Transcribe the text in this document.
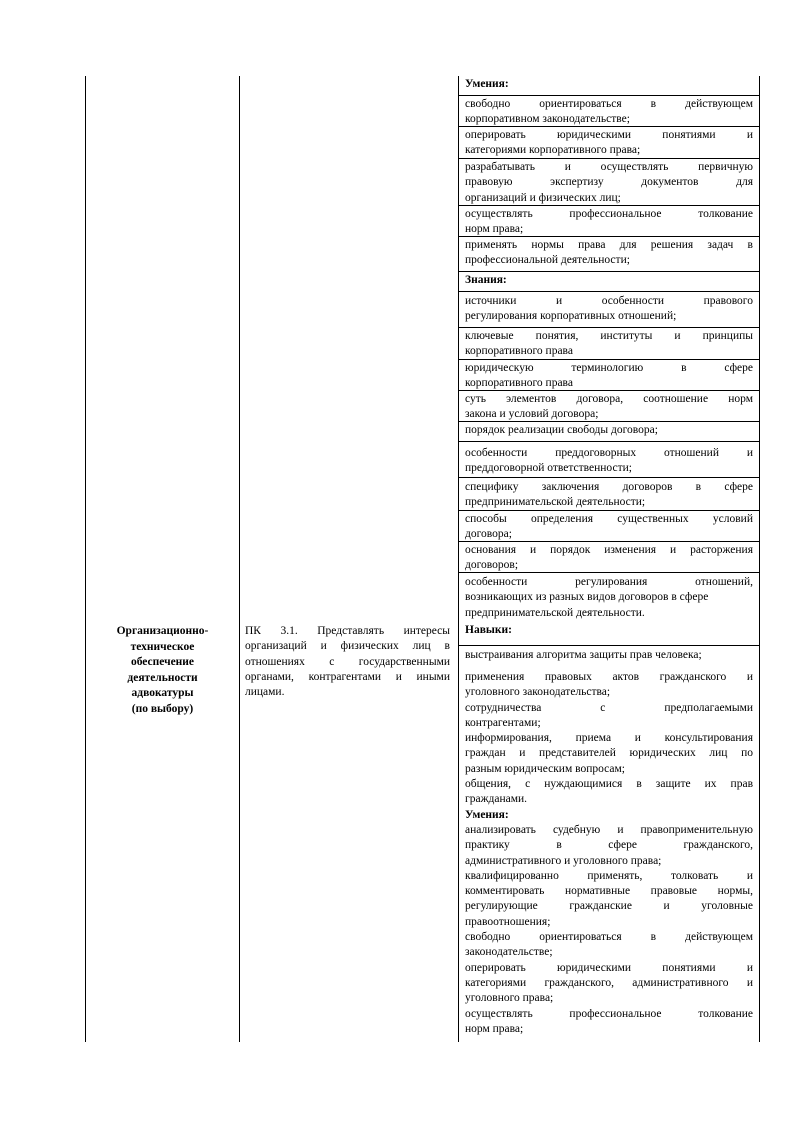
Организационно-
техническое
обеспечение
деятельности
адвокатуры
(по выбору)
ПК 3.1. Представлять интересы
организаций и физических лиц в
отношениях с государственными
органами, контрагентами и иными
лицами.
Умения:
свободно ориентироваться в действующем
корпоративном законодательстве;
оперировать юридическими понятиями и
категориями корпоративного права;
разрабатывать и осуществлять первичную
правовую экспертизу документов для
организаций и физических лиц;
осуществлять профессиональное толкование
норм права;
применять нормы права для решения задач в
профессиональной деятельности;
Знания:
источники и особенности правового
регулирования корпоративных отношений;
ключевые понятия, институты и принципы
корпоративного права
юридическую терминологию в сфере
корпоративного права
суть элементов договора, соотношение норм
закона и условий договора;
порядок реализации свободы договора;
особенности преддоговорных отношений и
преддоговорной ответственности;
специфику заключения договоров в сфере
предпринимательской деятельности;
способы определения существенных условий
договора;
основания и порядок изменения и расторжения
договоров;
особенности регулирования отношений,
возникающих из разных видов договоров в сфере
предпринимательской деятельности.
Навыки:
выстраивания алгоритма защиты прав человека;
применения правовых актов гражданского и
уголовного законодательства;
сотрудничества с предполагаемыми
контрагентами;
информирования, приема и консультирования
граждан и представителей юридических лиц по
разным юридическим вопросам;
общения, с нуждающимися в защите их прав
гражданами.
Умения:
анализировать судебную и правоприменительную
практику в сфере гражданского,
административного и уголовного права;
квалифицированно применять, толковать и
комментировать нормативные правовые нормы,
регулирующие гражданские и уголовные
правоотношения;
свободно ориентироваться в действующем
законодательстве;
оперировать юридическими понятиями и
категориями гражданского, административного и
уголовного права;
осуществлять профессиональное толкование
норм права;
